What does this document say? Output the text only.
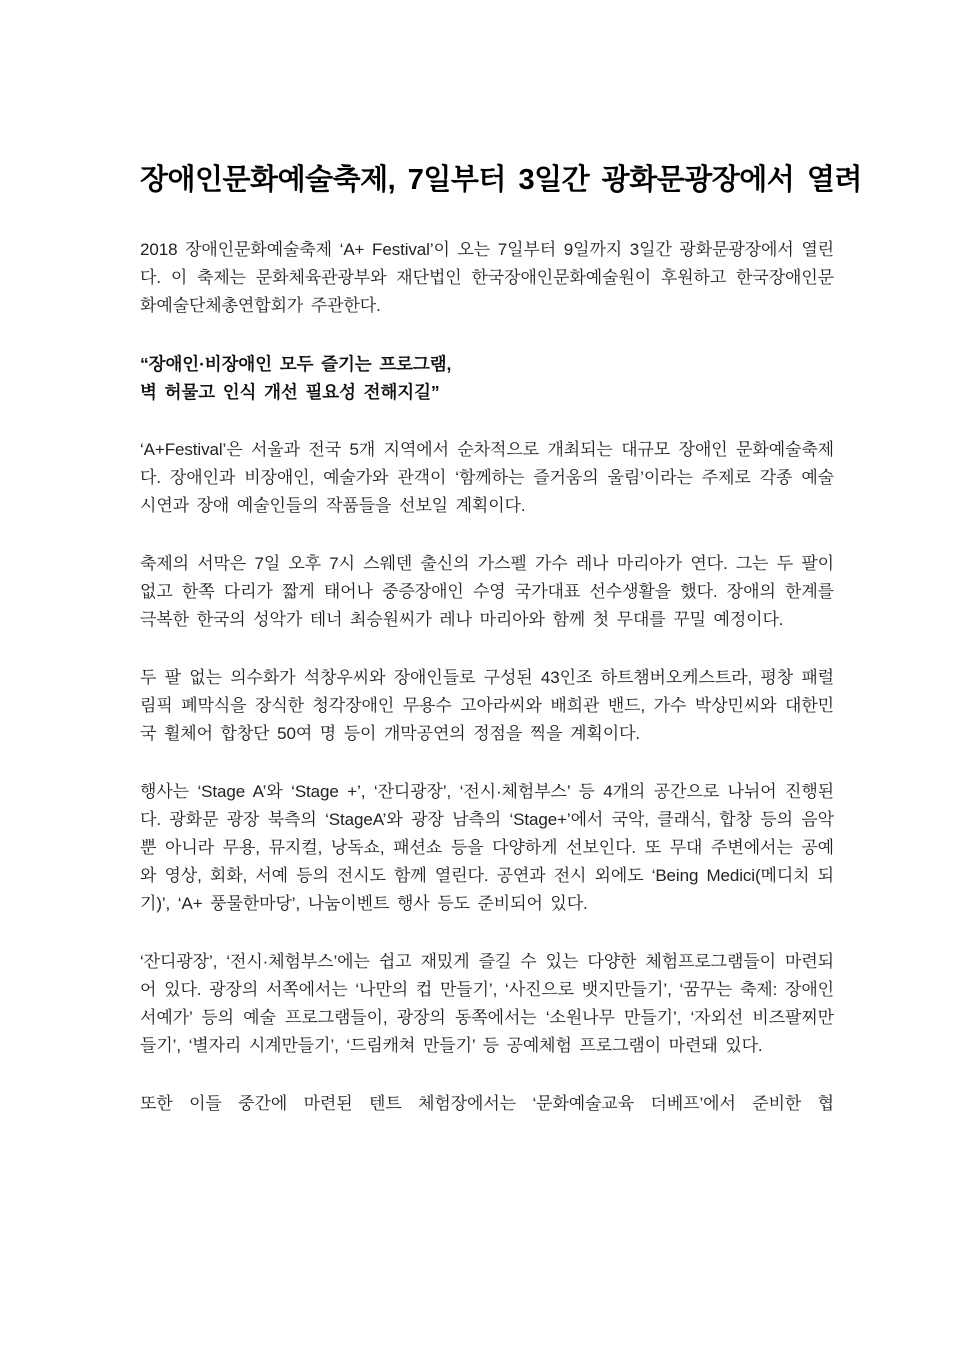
장애인문화예술축제, 7일부터 3일간 광화문광장에서 열려

2018 장애인문화예술축제 ‘A+ Festival’이 오는 7일부터 9일까지 3일간 광화문광장에서 열린다. 이 축제는 문화체육관광부와 재단법인 한국장애인문화예술원이 후원하고 한국장애인문화예술단체총연합회가 주관한다.

“장애인·비장애인 모두 즐기는 프로그램,
벽 허물고 인식 개선 필요성 전해지길”

‘A+Festival’은 서울과 전국 5개 지역에서 순차적으로 개최되는 대규모 장애인 문화예술축제다. 장애인과 비장애인, 예술가와 관객이 ‘함께하는 즐거움의 울림’이라는 주제로 각종 예술시연과 장애 예술인들의 작품들을 선보일 계획이다.

축제의 서막은 7일 오후 7시 스웨덴 출신의 가스펠 가수 레나 마리아가 연다. 그는 두 팔이 없고 한쪽 다리가 짧게 태어나 중증장애인 수영 국가대표 선수생활을 했다. 장애의 한계를 극복한 한국의 성악가 테너 최승원씨가 레나 마리아와 함께 첫 무대를 꾸밀 예정이다.

두 팔 없는 의수화가 석창우씨와 장애인들로 구성된 43인조 하트챔버오케스트라, 평창 패럴림픽 폐막식을 장식한 청각장애인 무용수 고아라씨와 배희관 밴드, 가수 박상민씨와 대한민국 휠체어 합창단 50여 명 등이 개막공연의 정점을 찍을 계획이다.

행사는 ‘Stage A’와 ‘Stage +’, ‘잔디광장’, ‘전시·체험부스’ 등 4개의 공간으로 나뉘어 진행된다. 광화문 광장 북측의 ‘StageA’와 광장 남측의 ‘Stage+’에서 국악, 클래식, 합창 등의 음악뿐 아니라 무용, 뮤지컬, 낭독쇼, 패션쇼 등을 다양하게 선보인다. 또 무대 주변에서는 공예와 영상, 회화, 서예 등의 전시도 함께 열린다. 공연과 전시 외에도 ‘Being Medici(메디치 되기)’, ‘A+ 풍물한마당’, 나눔이벤트 행사 등도 준비되어 있다.

‘잔디광장’, ‘전시·체험부스’에는 쉽고 재밌게 즐길 수 있는 다양한 체험프로그램들이 마련되어 있다. 광장의 서쪽에서는 ‘나만의 컵 만들기’, ‘사진으로 뱃지만들기’, ‘꿈꾸는 축제: 장애인서예가’ 등의 예술 프로그램들이, 광장의 동쪽에서는 ‘소원나무 만들기’, ‘자외선 비즈팔찌만들기’, ‘별자리 시계만들기’, ‘드림캐쳐 만들기’ 등 공예체험 프로그램이 마련돼 있다.

또한 이들 중간에 마련된 텐트 체험장에서는 ‘문화예술교육 더베프’에서 준비한 협
